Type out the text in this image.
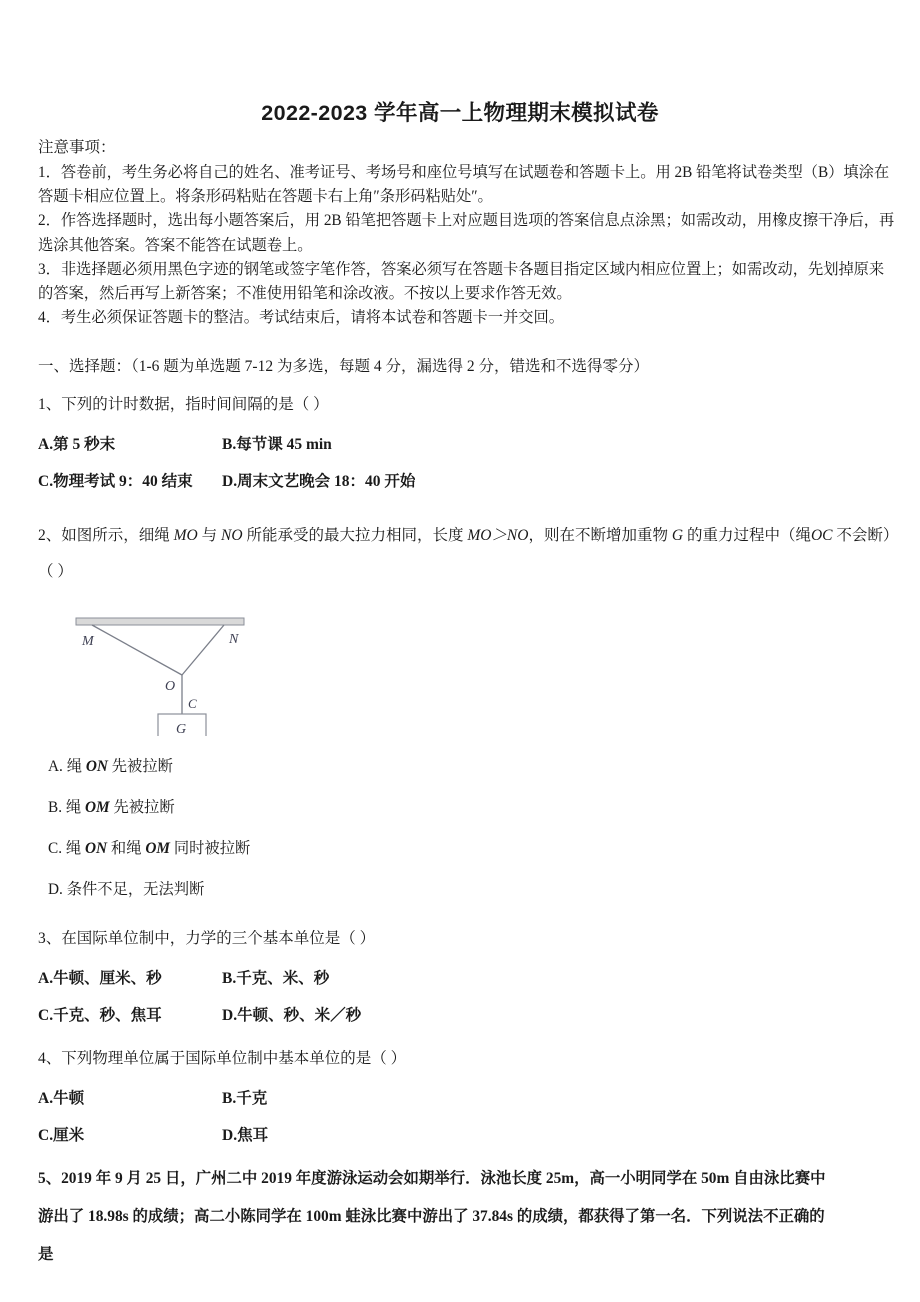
2022-2023 学年高一上物理期末模拟试卷

注意事项：

1．答卷前，考生务必将自己的姓名、准考证号、考场号和座位号填写在试题卷和答题卡上。用 2B 铅笔将试卷类型（B）填涂在答题卡相应位置上。将条形码粘贴在答题卡右上角″条形码粘贴处″。

2．作答选择题时，选出每小题答案后，用 2B 铅笔把答题卡上对应题目选项的答案信息点涂黑；如需改动，用橡皮擦干净后，再选涂其他答案。答案不能答在试题卷上。

3．非选择题必须用黑色字迹的钢笔或签字笔作答，答案必须写在答题卡各题目指定区域内相应位置上；如需改动，先划掉原来的答案，然后再写上新答案；不准使用铅笔和涂改液。不按以上要求作答无效。

4．考生必须保证答题卡的整洁。考试结束后，请将本试卷和答题卡一并交回。

一、选择题：（1-6 题为单选题 7-12 为多选，每题 4 分，漏选得 2 分，错选和不选得零分）

1、下列的计时数据，指时间间隔的是（ ）

A.第 5 秒末	B.每节课 45 min
C.物理考试 9：40 结束	D.周末文艺晚会 18：40 开始

2、如图所示，细绳 MO 与 NO 所能承受的最大拉力相同，长度 MO＞NO，则在不断增加重物 G 的重力过程中（绳OC 不会断）（ ）

M	N
O
C
G
A. 绳 ON 先被拉断
B. 绳 OM 先被拉断
C. 绳 ON 和绳 OM 同时被拉断
D. 条件不足，无法判断

3、在国际单位制中，力学的三个基本单位是（ ）

A.牛顿、厘米、秒	B.千克、米、秒
C.千克、秒、焦耳	D.牛顿、秒、米／秒

4、下列物理单位属于国际单位制中基本单位的是（ ）

A.牛顿	B.千克
C.厘米	D.焦耳

5、2019 年 9 月 25 日，广州二中 2019 年度游泳运动会如期举行．泳池长度 25m，高一小明同学在 50m 自由泳比赛中

游出了 18.98s 的成绩；高二小陈同学在 100m 蛙泳比赛中游出了 37.84s 的成绩，都获得了第一名．下列说法不正确的

是
